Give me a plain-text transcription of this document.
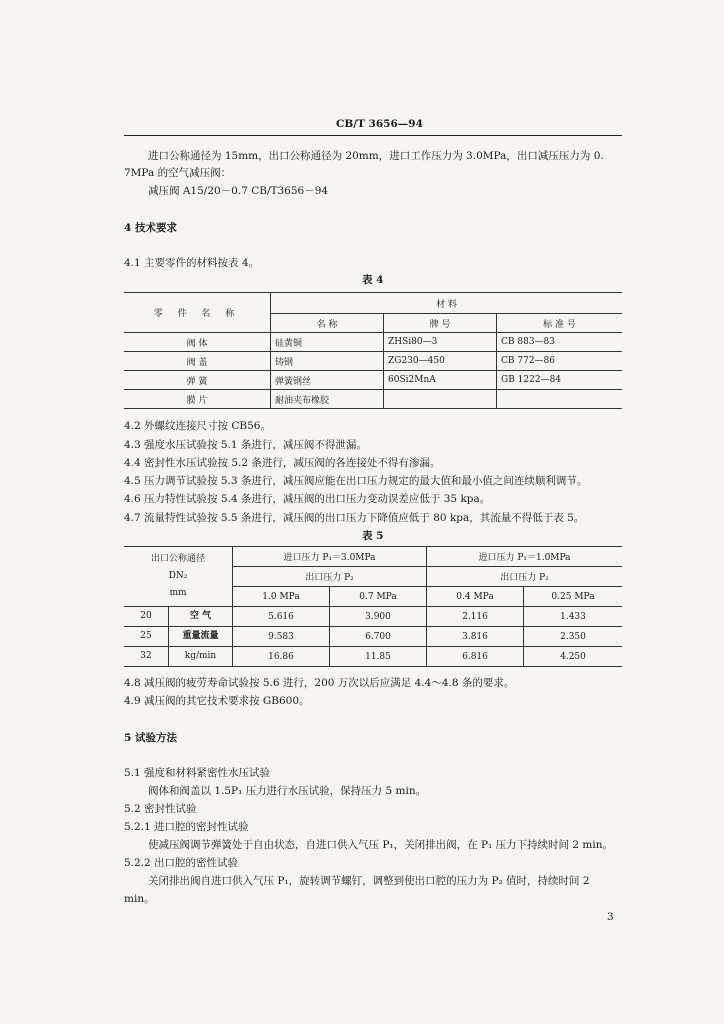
CB/T 3656—94
进口公称通径为 15mm，出口公称通径为 20mm，进口工作压力为 3.0MPa，出口减压压力为 0.
7MPa 的空气减压阀：
减压阀 A15/20－0.7 CB/T3656－94
4 技术要求
4.1 主要零件的材料按表 4。
表 4
零 件 名 称	材 料		
	名 称	牌 号	标 准 号
阀 体	硅黄铜	ZHSi80—3	CB 883—83
阀 盖	铸钢	ZG230—450	CB 772—86
弹 簧	弹簧钢丝	60Si2MnA	GB 1222—84
膜 片	耐油夹布橡胶		
4.2 外螺纹连接尺寸按 CB56。
4.3 强度水压试验按 5.1 条进行，减压阀不得泄漏。
4.4 密封性水压试验按 5.2 条进行，减压阀的各连接处不得有渗漏。
4.5 压力调节试验按 5.3 条进行，减压阀应能在出口压力规定的最大值和最小值之间连续顺利调节。
4.6 压力特性试验按 5.4 条进行，减压阀的出口压力变动误差应低于 35 kpa。
4.7 流量特性试验按 5.5 条进行，减压阀的出口压力下降值应低于 80 kpa，其流量不得低于表 5。
表 5
出口公称通径
DN₂
mm	进口压力 P₁＝3.0MPa		进口压力 P₁＝1.0MPa	
	出口压力 P₂		出口压力 P₂	
	1.0 MPa	0.7 MPa	0.4 MPa	0.25 MPa

20 空 气	5.616	3.900	2.116	1.433

25 重量流量	9.583	6.700	3.816	2.350

32 kg/min	16.86	11.85	6.816	4.250
4.8 减压阀的疲劳寿命试验按 5.6 进行，200 万次以后应满足 4.4～4.8 条的要求。
4.9 减压阀的其它技术要求按 GB600。
5 试验方法
5.1 强度和材料紧密性水压试验
阀体和阀盖以 1.5P₁ 压力进行水压试验，保持压力 5 min。
5.2 密封性试验
5.2.1 进口腔的密封性试验
使减压阀调节弹簧处于自由状态，自进口供入气压 P₁，关闭排出阀，在 P₁ 压力下持续时间 2 min。
5.2.2 出口腔的密性试验
关闭排出阀自进口供入气压 P₁，旋转调节螺钉，调整到使出口腔的压力为 P₂ 值时，持续时间 2
min。
3
